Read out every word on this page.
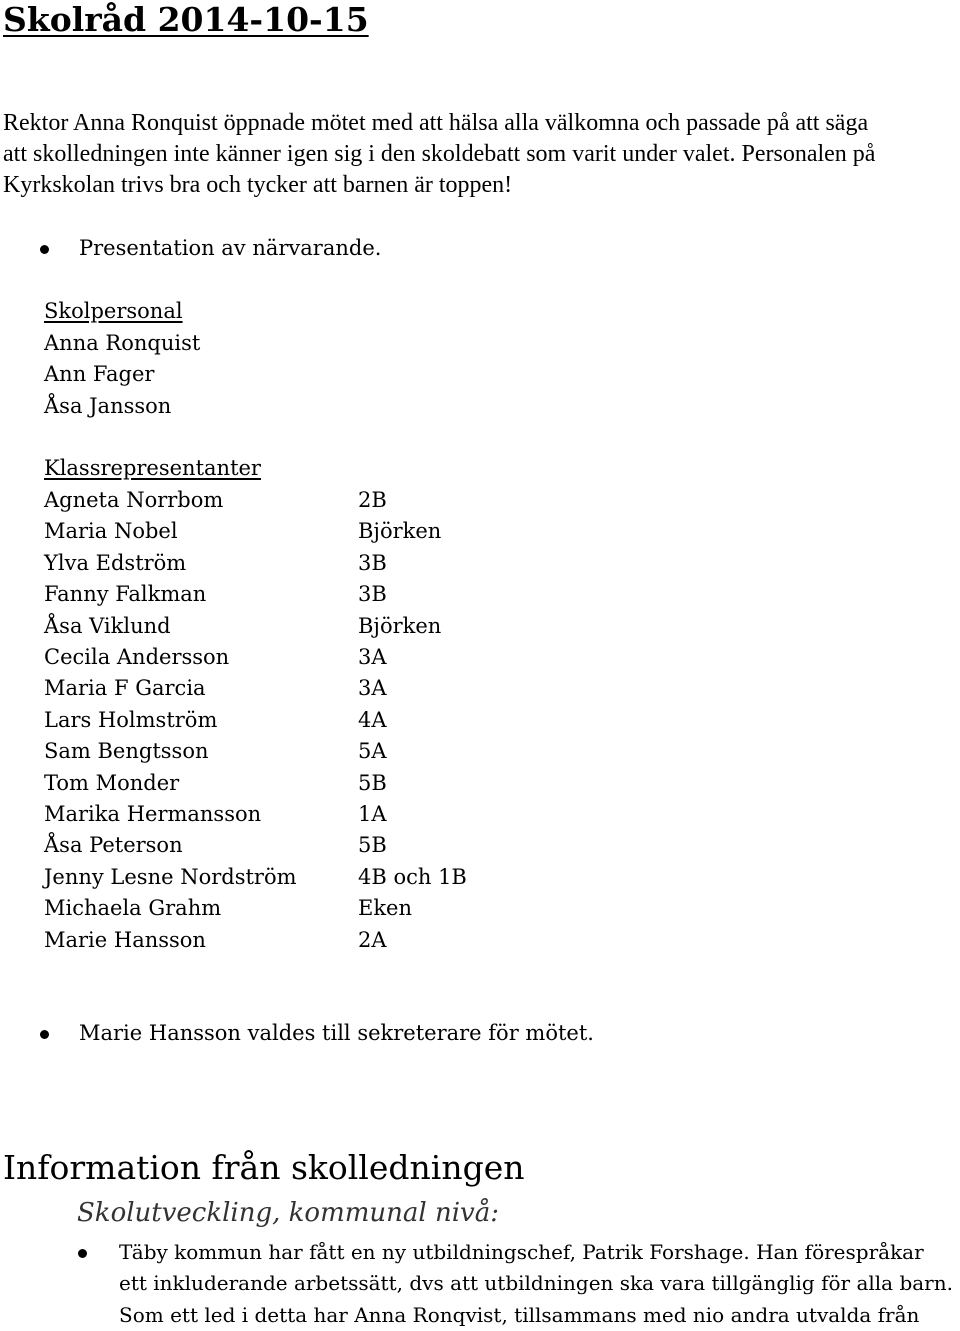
Skolråd 2014-10-15

Rektor Anna Ronquist öppnade mötet med att hälsa alla välkomna och passade på att säga
att skolledningen inte känner igen sig i den skoldebatt som varit under valet. Personalen på
Kyrkskolan trivs bra och tycker att barnen är toppen!

Presentation av närvarande.
Skolpersonal
Anna Ronquist
Ann Fager
Åsa Jansson
Klassrepresentanter
Agneta Norrbom	2B
Maria Nobel	Björken
Ylva Edström	3B
Fanny Falkman	3B
Åsa Viklund	Björken
Cecila Andersson	3A
Maria F Garcia	3A
Lars Holmström	4A
Sam Bengtsson	5A
Tom Monder	5B
Marika Hermansson	1A
Åsa Peterson	5B
Jenny Lesne Nordström	4B och 1B
Michaela Grahm	Eken
Marie Hansson	2A
Marie Hansson valdes till sekreterare för mötet.
Information från skolledningen
Skolutveckling, kommunal nivå:
Täby kommun har fått en ny utbildningschef, Patrik Forshage. Han förespråkar
ett inkluderande arbetssätt, dvs att utbildningen ska vara tillgänglig för alla barn.
Som ett led i detta har Anna Ronqvist, tillsammans med nio andra utvalda från
